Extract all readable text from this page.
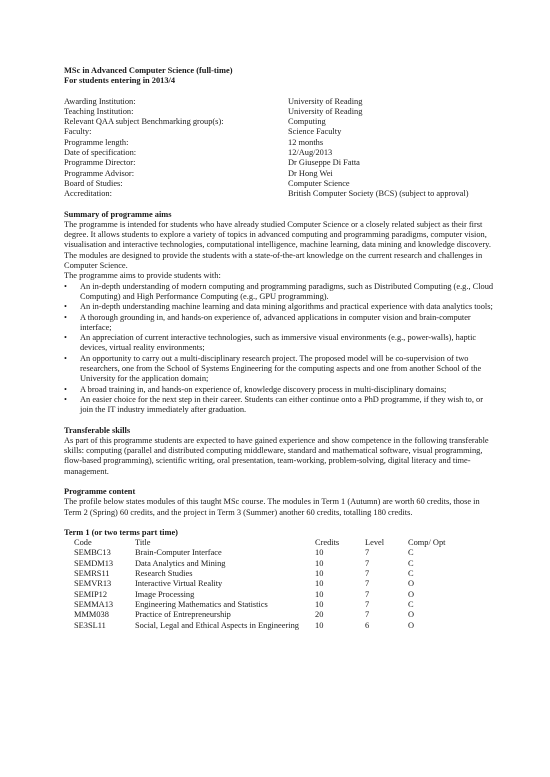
MSc in Advanced Computer Science (full-time)
For students entering in 2013/4
Awarding Institution:	University of Reading
Teaching Institution:	University of Reading
Relevant QAA subject Benchmarking group(s):	Computing
Faculty:	Science Faculty
Programme length:	12 months
Date of specification:	12/Aug/2013
Programme Director:	Dr Giuseppe Di Fatta
Programme Advisor:	Dr Hong Wei
Board of Studies:	Computer Science
Accreditation:	British Computer Society (BCS) (subject to approval)
Summary of programme aims

The programme is intended for students who have already studied Computer Science or a closely related subject as their first degree. It allows students to explore a variety of topics in advanced computing and programming paradigms, computer vision, visualisation and interactive technologies, computational intelligence, machine learning, data mining and knowledge discovery. The modules are designed to provide the students with a state-of-the-art knowledge on the current research and challenges in Computer Science.

The programme aims to provide students with:

• An in-depth understanding of modern computing and programming paradigms, such as Distributed Computing (e.g., Cloud Computing) and High Performance Computing (e.g., GPU programming).
• An in-depth understanding machine learning and data mining algorithms and practical experience with data analytics tools;
• A thorough grounding in, and hands-on experience of, advanced applications in computer vision and brain-computer interface;
• An appreciation of current interactive technologies, such as immersive visual environments (e.g., power-walls), haptic devices, virtual reality environments;
• An opportunity to carry out a multi-disciplinary research project. The proposed model will be co-supervision of two researchers, one from the School of Systems Engineering for the computing aspects and one from another School of the University for the application domain;
• A broad training in, and hands-on experience of, knowledge discovery process in multi-disciplinary domains;
• An easier choice for the next step in their career. Students can either continue onto a PhD programme, if they wish to, or join the IT industry immediately after graduation.
Transferable skills

As part of this programme students are expected to have gained experience and show competence in the following transferable skills: computing (parallel and distributed computing middleware, standard and mathematical software, visual programming, flow-based programming), scientific writing, oral presentation, team-working, problem-solving, digital literacy and time-management.

Programme content

The profile below states modules of this taught MSc course. The modules in Term 1 (Autumn) are worth 60 credits, those in Term 2 (Spring) 60 credits, and the project in Term 3 (Summer) another 60 credits, totalling 180 credits.

Term 1 (or two terms part time)
Code	Title	Credits	Level	Comp/ Opt
SEMBC13	Brain-Computer Interface	10	7	C
SEMDM13	Data Analytics and Mining	10	7	C
SEMRS11	Research Studies	10	7	C
SEMVR13	Interactive Virtual Reality	10	7	O
SEMIP12	Image Processing	10	7	O
SEMMA13	Engineering Mathematics and Statistics	10	7	C
MMM038	Practice of Entrepreneurship	20	7	O
SE3SL11	Social, Legal and Ethical Aspects in Engineering	10	6	O
